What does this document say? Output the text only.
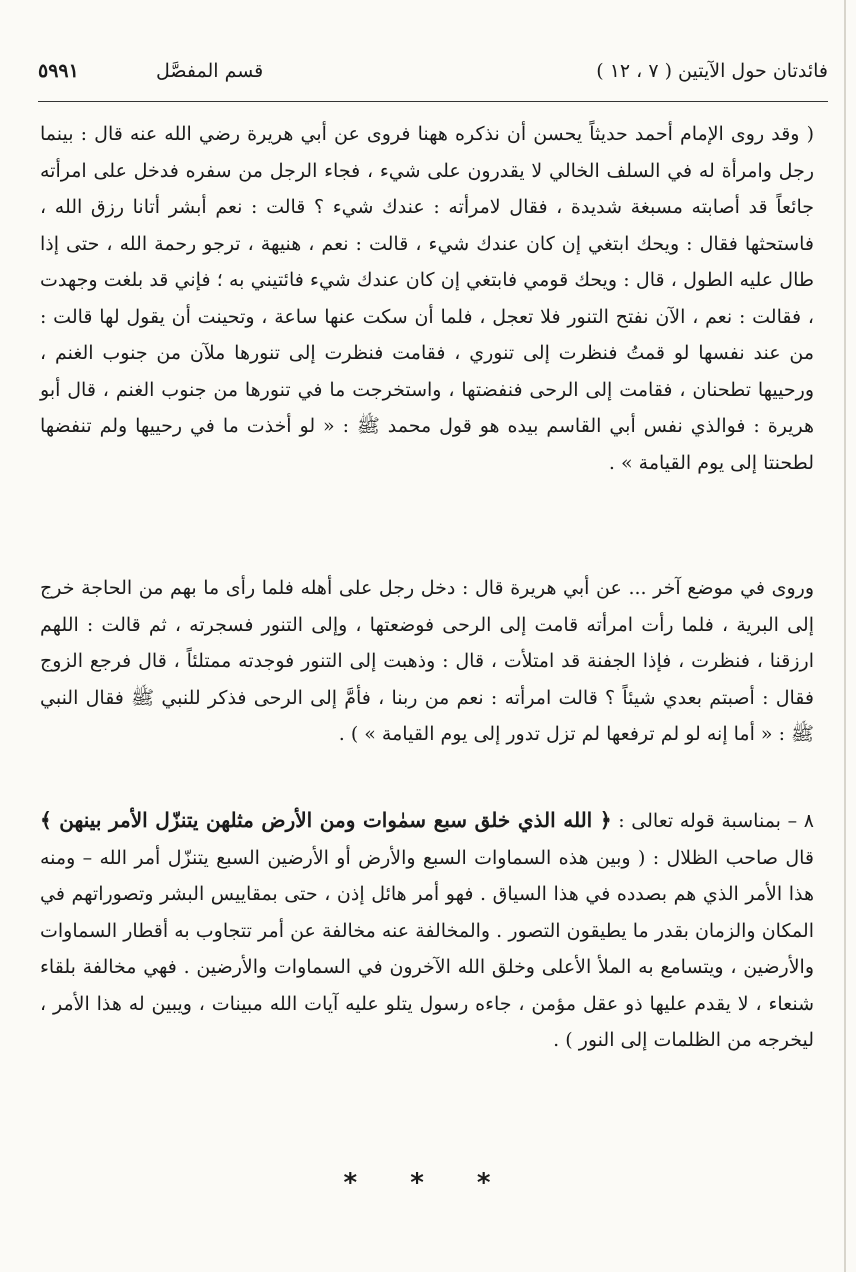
فائدتان حول الآيتين ( ٧ ، ١٢ )
قسم المفصَّل
٥٩٩١

( وقد روى الإمام أحمد حديثاً يحسن أن نذكره ههنا فروى عن أبي هريرة رضي الله عنه قال : بينما رجل وامرأة له في السلف الخالي لا يقدرون على شيء ، فجاء الرجل من سفره فدخل على امرأته جائعاً قد أصابته مسبغة شديدة ، فقال لامرأته : عندك شيء ؟ قالت : نعم أبشر أتانا رزق الله ، فاستحثها فقال : ويحك ابتغي إن كان عندك شيء ، قالت : نعم ، هنيهة ، ترجو رحمة الله ، حتى إذا طال عليه الطول ، قال : ويحك قومي فابتغي إن كان عندك شيء فائتيني به ؛ فإني قد بلغت وجهدت ، فقالت : نعم ، الآن نفتح التنور فلا تعجل ، فلما أن سكت عنها ساعة ، وتحينت أن يقول لها قالت : من عند نفسها لو قمتُ فنظرت إلى تنوري ، فقامت فنظرت إلى تنورها ملآن من جنوب الغنم ، ورحييها تطحنان ، فقامت إلى الرحى فنفضتها ، واستخرجت ما في تنورها من جنوب الغنم ، قال أبو هريرة : فوالذي نفس أبي القاسم بيده هو قول محمد ﷺ : « لو أخذت ما في رحييها ولم تنفضها لطحنتا إلى يوم القيامة » .

وروى في موضع آخر ... عن أبي هريرة قال : دخل رجل على أهله فلما رأى ما بهم من الحاجة خرج إلى البرية ، فلما رأت امرأته قامت إلى الرحى فوضعتها ، وإلى التنور فسجرته ، ثم قالت : اللهم ارزقنا ، فنظرت ، فإذا الجفنة قد امتلأت ، قال : وذهبت إلى التنور فوجدته ممتلئاً ، قال فرجع الزوج فقال : أصبتم بعدي شيئاً ؟ قالت امرأته : نعم من ربنا ، فأمَّ إلى الرحى فذكر للنبي ﷺ فقال النبي ﷺ : « أما إنه لو لم ترفعها لم تزل تدور إلى يوم القيامة » ) .

٨ – بمناسبة قوله تعالى : ﴿ الله الذي خلق سبع سمٰوات ومن الأرض مثلهن يتنزّل الأمر بينهن ﴾ قال صاحب الظلال : ( وبين هذه السماوات السبع والأرض أو الأرضين السبع يتنزّل أمر الله – ومنه هذا الأمر الذي هم بصدده في هذا السياق . فهو أمر هائل إذن ، حتى بمقاييس البشر وتصوراتهم في المكان والزمان بقدر ما يطيقون التصور . والمخالفة عنه مخالفة عن أمر تتجاوب به أقطار السماوات والأرضين ، ويتسامع به الملأ الأعلى وخلق الله الآخرون في السماوات والأرضين . فهي مخالفة بلقاء شنعاء ، لا يقدم عليها ذو عقل مؤمن ، جاءه رسول يتلو عليه آيات الله مبينات ، ويبين له هذا الأمر ، ليخرجه من الظلمات إلى النور ) .

* * *
